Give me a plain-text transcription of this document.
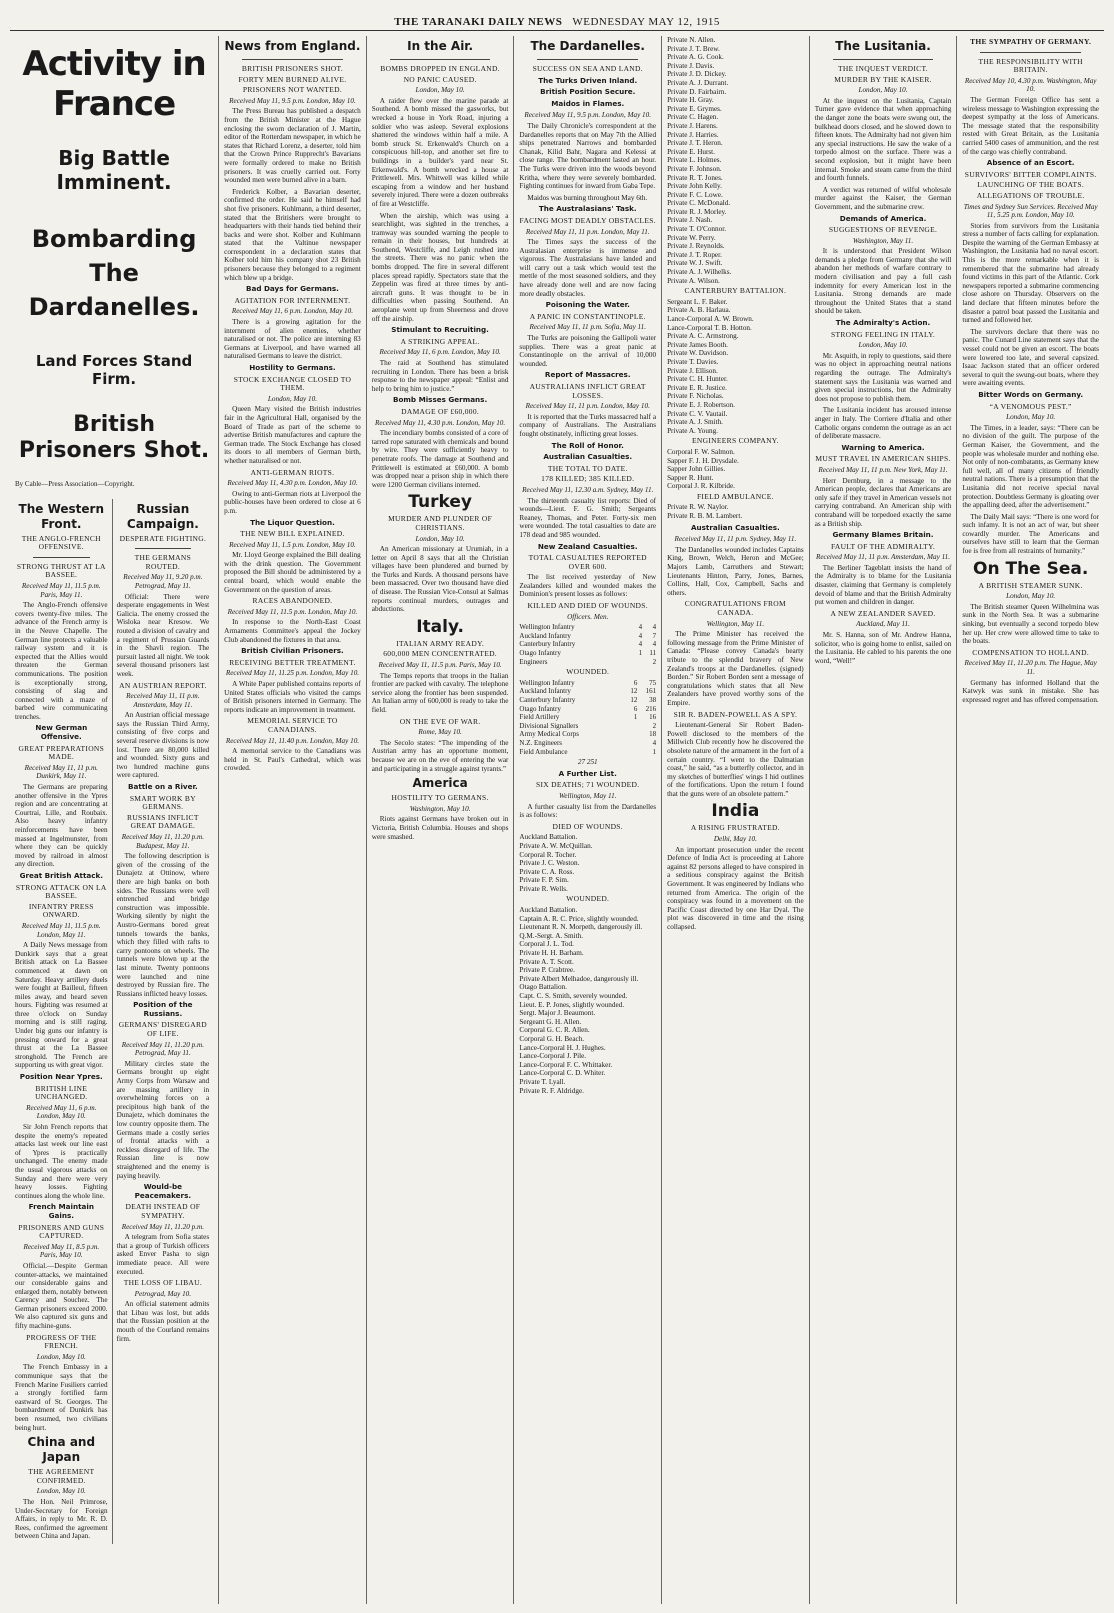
THE TARANAKI DAILY NEWS WEDNESDAY MAY 12, 1915
Activity in France
Big Battle Imminent.
Bombarding The Dardanelles.
Land Forces Stand Firm.
British Prisoners Shot.
By Cable—Press Association—Copyright.
The Western Front.
THE ANGLO-FRENCH OFFENSIVE.
STRONG THRUST AT LA BASSEE.
Received May 11, 11.5 p.m. Paris, May 11.

The Anglo-French offensive covers twenty-five miles. The advance of the French army is in the Neuve Chapelle. The German line protects a valuable railway system and it is expected that the Allies would threaten the German communications. The position is exceptionally strong, consisting of slag and connected with a maze of barbed wire communicating trenches.

New German Offensive.
GREAT PREPARATIONS MADE.
Received May 11, 11 p.m. Dunkirk, May 11.

The Germans are preparing another offensive in the Ypres region and are concentrating at Courtrai, Lille, and Roubaix. Also heavy infantry reinforcements have been massed at Ingelmunster, from where they can be quickly moved by railroad in almost any direction.

Great British Attack.
STRONG ATTACK ON LA BASSEE.
INFANTRY PRESS ONWARD.
Received May 11, 11.5 p.m. London, May 11.

A Daily News message from Dunkirk says that a great British attack on La Bassee commenced at dawn on Saturday. Heavy artillery duels were fought at Bailleul, fifteen miles away, and heard seven hours. Fighting was resumed at three o'clock on Sunday morning and is still raging. Under big guns our infantry is pressing onward for a great thrust at the La Bassee stronghold. The French are supporting us with great vigor.

Position Near Ypres.
BRITISH LINE UNCHANGED.
Received May 11, 6 p.m. London, May 10.

Sir John French reports that despite the enemy's repeated attacks last week our line east of Ypres is practically unchanged. The enemy made the usual vigorous attacks on Sunday and there were very heavy losses. Fighting continues along the whole line.

French Maintain Gains.
PRISONERS AND GUNS CAPTURED.
Received May 11, 8.5 p.m. Paris, May 10.

Official.—Despite German counter-attacks, we maintained our considerable gains and enlarged them, notably between Carency and Souchez. The German prisoners exceed 2000. We also captured six guns and fifty machine-guns.

PROGRESS OF THE FRENCH.
London, May 10.

The French Embassy in a communique says that the French Marine Fusiliers carried a strongly fortified farm eastward of St. Georges. The bombardment of Dunkirk has been resumed, two civilians being hurt.

China and Japan
THE AGREEMENT CONFIRMED.
London, May 10.

The Hon. Neil Primrose, Under-Secretary for Foreign Affairs, in reply to Mr. R. D. Rees, confirmed the agreement between China and Japan.

Russian Campaign.
DESPERATE FIGHTING.
THE GERMANS ROUTED.
Received May 11, 9.20 p.m. Petrograd, May 11.

Official: There were desperate engagements in West Galicia. The enemy crossed the Wisloka near Kresow. We routed a division of cavalry and a regiment of Prussian Guards in the Shavli region. The pursuit lasted all night. We took several thousand prisoners last week.

AN AUSTRIAN REPORT.
Received May 11, 11 p.m. Amsterdam, May 11.

An Austrian official message says the Russian Third Army, consisting of five corps and several reserve divisions is now lost. There are 80,000 killed and wounded. Sixty guns and two hundred machine guns were captured.

Battle on a River.
SMART WORK BY GERMANS.
RUSSIANS INFLICT GREAT DAMAGE.
Received May 11, 11.20 p.m. Budapest, May 11.

The following description is given of the crossing of the Dunajetz at Ottinow, where there are high banks on both sides. The Russians were well entrenched and bridge construction was impossible. Working silently by night the Austro-Germans bored great tunnels towards the banks, which they filled with rafts to carry pontoons on wheels. The tunnels were blown up at the last minute. Twenty pontoons were launched and nine destroyed by Russian fire. The Russians inflicted heavy losses.

Position of the Russians.
GERMANS' DISREGARD OF LIFE.
Received May 11, 11.20 p.m. Petrograd, May 11.

Military circles state the Germans brought up eight Army Corps from Warsaw and are massing artillery in overwhelming forces on a precipitous high bank of the Dunajetz, which dominates the low country opposite them. The Germans made a costly series of frontal attacks with a reckless disregard of life. The Russian line is now straightened and the enemy is paying heavily.

Would-be Peacemakers.
DEATH INSTEAD OF SYMPATHY.
Received May 11, 11.20 p.m.

A telegram from Sofia states that a group of Turkish officers asked Enver Pasha to sign immediate peace. All were executed.

THE LOSS OF LIBAU.
Petrograd, May 10.

An official statement admits that Libau was lost, but adds that the Russian position at the mouth of the Courland remains firm.

News from England.
BRITISH PRISONERS SHOT.
FORTY MEN BURNED ALIVE.
PRISONERS NOT WANTED.
Received May 11, 9.5 p.m. London, May 10.

The Press Bureau has published a despatch from the British Minister at the Hague enclosing the sworn declaration of J. Martin, editor of the Rotterdam newspaper, in which he states that Richard Lorenz, a deserter, told him that the Crown Prince Rupprecht's Bavarians were formally ordered to make no British prisoners. It was cruelly carried out. Forty wounded men were burned alive in a barn.

Frederick Kolber, a Bavarian deserter, confirmed the order. He said he himself had shot five prisoners. Kuhlmann, a third deserter, stated that the Britishers were brought to headquarters with their hands tied behind their backs and were shot. Kolber and Kuhlmann stated that the Valtinue newspaper correspondent in a declaration states that Kolber told him his company shot 23 British prisoners because they belonged to a regiment which blew up a bridge.

Bad Days for Germans.
AGITATION FOR INTERNMENT.
Received May 11, 6 p.m. London, May 10.

There is a growing agitation for the internment of alien enemies, whether naturalised or not. The police are interning 83 Germans at Liverpool, and have warned all naturalised Germans to leave the district.

Hostility to Germans.
STOCK EXCHANGE CLOSED TO THEM.
London, May 10.

Queen Mary visited the British industries fair in the Agricultural Hall, organised by the Board of Trade as part of the scheme to advertise British manufactures and capture the German trade. The Stock Exchange has closed its doors to all members of German birth, whether naturalised or not.

ANTI-GERMAN RIOTS.
Received May 11, 4.30 p.m. London, May 10.

Owing to anti-German riots at Liverpool the public-houses have been ordered to close at 6 p.m.

The Liquor Question.
THE NEW BILL EXPLAINED.
Received May 11, 1.5 p.m. London, May 10.

Mr. Lloyd George explained the Bill dealing with the drink question. The Government proposed the Bill should be administered by a central board, which would enable the Government on the question of areas.

RACES ABANDONED.
Received May 11, 11.5 p.m. London, May 10.

In response to the North-East Coast Armaments Committee's appeal the Jockey Club abandoned the fixtures in that area.

British Civilian Prisoners.
RECEIVING BETTER TREATMENT.
Received May 11, 11.25 p.m. London, May 10.

A White Paper published contains reports of United States officials who visited the camps of British prisoners interned in Germany. The reports indicate an improvement in treatment.

MEMORIAL SERVICE TO CANADIANS.
Received May 11, 11.40 p.m. London, May 10.

A memorial service to the Canadians was held in St. Paul's Cathedral, which was crowded.

In the Air.
BOMBS DROPPED IN ENGLAND.
NO PANIC CAUSED.
London, May 10.

A raider flew over the marine parade at Southend. A bomb missed the gasworks, but wrecked a house in York Road, injuring a soldier who was asleep. Several explosions shattered the windows within half a mile. A bomb struck St. Erkenwald's Church on a conspicuous hill-top, and another set fire to buildings in a builder's yard near St. Erkenwald's. A bomb wrecked a house at Prittlewell. Mrs. Whitwell was killed while escaping from a window and her husband severely injured. There were a dozen outbreaks of fire at Westcliffe.

When the airship, which was using a searchlight, was sighted in the trenches, a tramway was sounded warning the people to remain in their houses, but hundreds at Southend, Westcliffe, and Leigh rushed into the streets. There was no panic when the bombs dropped. The fire in several different places spread rapidly. Spectators state that the Zeppelin was fired at three times by anti-aircraft guns. It was thought to be in difficulties when passing Southend. An aeroplane went up from Sheerness and drove off the airship.

Stimulant to Recruiting.
A STRIKING APPEAL.
Received May 11, 6 p.m. London, May 10.

The raid at Southend has stimulated recruiting in London. There has been a brisk response to the newspaper appeal: “Enlist and help to bring him to justice.”

Bomb Misses Germans.
DAMAGE OF £60,000.
Received May 11, 4.30 p.m. London, May 10.

The incendiary bombs consisted of a core of tarred rope saturated with chemicals and bound by wire. They were sufficiently heavy to penetrate roofs. The damage at Southend and Prittlewell is estimated at £60,000. A bomb was dropped near a prison ship in which there were 1200 German civilians interned.

Turkey
MURDER AND PLUNDER OF CHRISTIANS.
London, May 10.

An American missionary at Urumiah, in a letter on April 8 says that all the Christian villages have been plundered and burned by the Turks and Kurds. A thousand persons have been massacred. Over two thousand have died of disease. The Russian Vice-Consul at Salmas reports continual murders, outrages and abductions.

Italy.
ITALIAN ARMY READY.
600,000 MEN CONCENTRATED.
Received May 11, 11.5 p.m. Paris, May 10.

The Temps reports that troops in the Italian frontier are packed with cavalry. The telephone service along the frontier has been suspended. An Italian army of 600,000 is ready to take the field.

ON THE EVE OF WAR.
Rome, May 10.

The Secolo states: “The impending of the Austrian army has an opportune moment, because we are on the eve of entering the war and participating in a struggle against tyrants.”

America
HOSTILITY TO GERMANS.
Washington, May 10.

Riots against Germans have broken out in Victoria, British Columbia. Houses and shops were smashed.

The Dardanelles.
SUCCESS ON SEA AND LAND.
The Turks Driven Inland.
British Position Secure.
Maidos in Flames.
Received May 11, 9.5 p.m. London, May 10.

The Daily Chronicle's correspondent at the Dardanelles reports that on May 7th the Allied ships penetrated Narrows and bombarded Chanak, Kilid Bahr, Nagara and Kelessi at close range. The bombardment lasted an hour. The Turks were driven into the woods beyond Kritha, where they were severely bombarded. Fighting continues for inward from Gaba Tepe.

Maidos was burning throughout May 6th.

The Australasians' Task.
FACING MOST DEADLY OBSTACLES.
Received May 11, 11 p.m. London, May 11.

The Times says the success of the Australasian enterprise is immense and vigorous. The Australasians have landed and will carry out a task which would test the mettle of the most seasoned soldiers, and they have already done well and are now facing more deadly obstacles.

Poisoning the Water.
A PANIC IN CONSTANTINOPLE.
Received May 11, 11 p.m. Sofia, May 11.

The Turks are poisoning the Gallipoli water supplies. There was a great panic at Constantinople on the arrival of 10,000 wounded.

Report of Massacres.
AUSTRALIANS INFLICT GREAT LOSSES.
Received May 11, 11 p.m. London, May 10.

It is reported that the Turks massacred half a company of Australians. The Australians fought obstinately, inflicting great losses.

The Roll of Honor.
Australian Casualties.
THE TOTAL TO DATE.
178 KILLED; 385 KILLED.
Received May 11, 12.30 a.m. Sydney, May 11.

The thirteenth casualty list reports: Died of wounds—Lieut. F. G. Smith; Sergeants Reaney, Thomas, and Peter. Forty-six men were wounded. The total casualties to date are 178 dead and 985 wounded.

New Zealand Casualties.
TOTAL CASUALTIES REPORTED OVER 600.

The list received yesterday of New Zealanders killed and wounded makes the Dominion's present losses as follows:

KILLED AND DIED OF WOUNDS.
Officers. Men.
Wellington Infantry	4	4
Auckland Infantry	4	7
Canterbury Infantry	4	4
Otago Infantry	1	11
Engineers		2
WOUNDED.
Wellington Infantry	6	75
Auckland Infantry	12	161
Canterbury Infantry	12	38
Otago Infantry	6	216
Field Artillery	1	16
Divisional Signallers		2
Army Medical Corps		18
N.Z. Engineers		4
Field Ambulance		1
27 251
A Further List.
SIX DEATHS; 71 WOUNDED.
Wellington, May 11.

A further casualty list from the Dardanelles is as follows:

DIED OF WOUNDS.
Auckland Battalion.
Private A. W. McQuillan.
Corporal R. Tocher.
Private J. C. Weston.
Private C. A. Ross.
Private F. P. Sim.
Private R. Wells.
WOUNDED.
Auckland Battalion.
Captain A. R. C. Price, slightly wounded.
Lieutenant R. N. Morpeth, dangerously ill.
Q.M.-Sergt. A. Smith.
Corporal J. L. Tod.
Private H. H. Barham.
Private A. T. Scott.
Private P. Crabtree.
Private Albert Melhadoe, dangerously ill.
Otago Battalion.
Capt. C. S. Smith, severely wounded.
Lieut. E. P. Jones, slightly wounded.
Sergt. Major J. Beaumont.
Sergeant G. H. Allen.
Corporal G. C. R. Allen.
Corporal G. H. Beach.
Lance-Corporal H. J. Hughes.
Lance-Corporal J. Pile.
Lance-Corporal F. C. Whittaker.
Lance-Corporal C. D. Whiter.
Private T. Lyall.
Private R. F. Aldridge.
Private N. Allen.
Private J. T. Brew.
Private A. G. Cook.
Private J. Davis.
Private J. D. Dickey.
Private A. J. Durrant.
Private D. Fairbairn.
Private H. Gray.
Private E. Grymes.
Private C. Hagen.
Private J. Harens.
Private J. Harries.
Private J. T. Heron.
Private E. Hurst.
Private L. Holmes.
Private F. Johnson.
Private R. T. Jones.
Private John Kelly.
Private F. C. Lowe.
Private C. McDonald.
Private R. J. Morley.
Private J. Nash.
Private T. O'Connor.
Private W. Perry.
Private J. Reynolds.
Private J. T. Roper.
Private W. J. Swift.
Private A. J. Wilhelks.
Private A. Wilson.
CANTERBURY BATTALION.
Sergeant L. F. Baker.
Private A. B. Harlaua.
Lance-Corporal A. W. Brown.
Lance-Corporal T. B. Hotton.
Private A. C. Armstrong.
Private James Booth.
Private W. Davidson.
Private T. Davies.
Private J. Ellison.
Private C. H. Hunter.
Private E. R. Justice.
Private F. Nicholas.
Private E. J. Robertson.
Private C. V. Vautail.
Private A. J. Smith.
Private A. Young.
ENGINEERS COMPANY.
Corporal F. W. Salmon.
Sapper F. J. H. Drysdale.
Sapper John Gillies.
Sapper R. Hunt.
Corporal J. R. Kilbride.
FIELD AMBULANCE.
Private R. W. Naylor.
Private R. B. M. Lambert.
Australian Casualties.
Received May 11, 11 p.m. Sydney, May 11.

The Dardanelles wounded includes Captains King, Brown, Welch, Heron and McGee; Majors Lamb, Carruthers and Stewart; Lieutenants Hinton, Parry, Jones, Barnes, Collins, Hall, Cox, Campbell, Sachs and others.

CONGRATULATIONS FROM CANADA.
Wellington, May 11.

The Prime Minister has received the following message from the Prime Minister of Canada: “Please convey Canada's hearty tribute to the splendid bravery of New Zealand's troops at the Dardanelles. (signed) Borden.” Sir Robert Borden sent a message of congratulations which states that all New Zealanders have proved worthy sons of the Empire.

SIR R. BADEN-POWELL AS A SPY.

Lieutenant-General Sir Robert Baden-Powell disclosed to the members of the Millwich Club recently how he discovered the obsolete nature of the armament in the fort of a certain country. “I went to the Dalmatian coast,” he said, “as a butterfly collector, and in my sketches of butterflies' wings I hid outlines of the fortifications. Upon the return I found that the guns were of an obsolete pattern.”

India
A RISING FRUSTRATED.
Delhi, May 10.

An important prosecution under the recent Defence of India Act is proceeding at Lahore against 82 persons alleged to have conspired in a seditious conspiracy against the British Government. It was engineered by Indians who returned from America. The origin of the conspiracy was found in a movement on the Pacific Coast directed by one Har Dyal. The plot was discovered in time and the rising collapsed.

The Lusitania.
THE INQUEST VERDICT.
MURDER BY THE KAISER.
London, May 10.

At the inquest on the Lusitania, Captain Turner gave evidence that when approaching the danger zone the boats were swung out, the bulkhead doors closed, and he slowed down to fifteen knots. The Admiralty had not given him any special instructions. He saw the wake of a torpedo almost on the surface. There was a second explosion, but it might have been internal. Smoke and steam came from the third and fourth funnels.

A verdict was returned of wilful wholesale murder against the Kaiser, the German Government, and the submarine crew.

Demands of America.
SUGGESTIONS OF REVENGE.
Washington, May 11.

It is understood that President Wilson demands a pledge from Germany that she will abandon her methods of warfare contrary to modern civilisation and pay a full cash indemnity for every American lost in the Lusitania. Strong demands are made throughout the United States that a stand should be taken.

The Admiralty's Action.
STRONG FEELING IN ITALY.
London, May 10.

Mr. Asquith, in reply to questions, said there was no object in approaching neutral nations regarding the outrage. The Admiralty's statement says the Lusitania was warned and given special instructions, but the Admiralty does not propose to publish them.

The Lusitania incident has aroused intense anger in Italy. The Corriere d'Italia and other Catholic organs condemn the outrage as an act of deliberate massacre.

Warning to America.
MUST TRAVEL IN AMERICAN SHIPS.
Received May 11, 11 p.m. New York, May 11.

Herr Dernburg, in a message to the American people, declares that Americans are only safe if they travel in American vessels not carrying contraband. An American ship with contraband will be torpedoed exactly the same as a British ship.

Germany Blames Britain.
FAULT OF THE ADMIRALTY.
Received May 11, 11 p.m. Amsterdam, May 11.

The Berliner Tageblatt insists the hand of the Admiralty is to blame for the Lusitania disaster, claiming that Germany is completely devoid of blame and that the British Admiralty put women and children in danger.

A NEW ZEALANDER SAVED.
Auckland, May 11.

Mr. S. Hanna, son of Mr. Andrew Hanna, solicitor, who is going home to enlist, sailed on the Lusitania. He cabled to his parents the one word, “Well!”

THE SYMPATHY OF GERMANY.
THE RESPONSIBILITY WITH BRITAIN.
Received May 10, 4.30 p.m. Washington, May 10.

The German Foreign Office has sent a wireless message to Washington expressing the deepest sympathy at the loss of Americans. The message stated that the responsibility rested with Great Britain, as the Lusitania carried 5400 cases of ammunition, and the rest of the cargo was chiefly contraband.

Absence of an Escort.
SURVIVORS' BITTER COMPLAINTS.
LAUNCHING OF THE BOATS.
ALLEGATIONS OF TROUBLE.
Times and Sydney Sun Services. Received May 11, 5.25 p.m. London, May 10.

Stories from survivors from the Lusitania stress a number of facts calling for explanation. Despite the warning of the German Embassy at Washington, the Lusitania had no naval escort. This is the more remarkable when it is remembered that the submarine had already found victims in this part of the Atlantic. Cork newspapers reported a submarine commencing close ashore on Thursday. Observers on the land declare that fifteen minutes before the disaster a patrol boat passed the Lusitania and turned and followed her.

The survivors declare that there was no panic. The Cunard Line statement says that the vessel could not be given an escort. The boats were lowered too late, and several capsized. Isaac Jackson stated that an officer ordered several to quit the swung-out boats, where they were awaiting events.

Bitter Words on Germany.
“A VENOMOUS PEST.”
London, May 10.

The Times, in a leader, says: “There can be no division of the guilt. The purpose of the German Kaiser, the Government, and the people was wholesale murder and nothing else. Not only of non-combatants, as Germany knew full well, all of many citizens of friendly neutral nations. There is a presumption that the Lusitania did not receive special naval protection. Doubtless Germany is gloating over the appalling deed, after the advertisement.”

The Daily Mail says: “There is one word for such infamy. It is not an act of war, but sheer cowardly murder. The Americans and ourselves have still to learn that the German foe is free from all restraints of humanity.”

On The Sea.
A BRITISH STEAMER SUNK.
London, May 10.

The British steamer Queen Wilhelmina was sunk in the North Sea. It was a submarine sinking, but eventually a second torpedo blew her up. Her crew were allowed time to take to the boats.

COMPENSATION TO HOLLAND.
Received May 11, 11.20 p.m. The Hague, May 11.

Germany has informed Holland that the Katwyk was sunk in mistake. She has expressed regret and has offered compensation.
